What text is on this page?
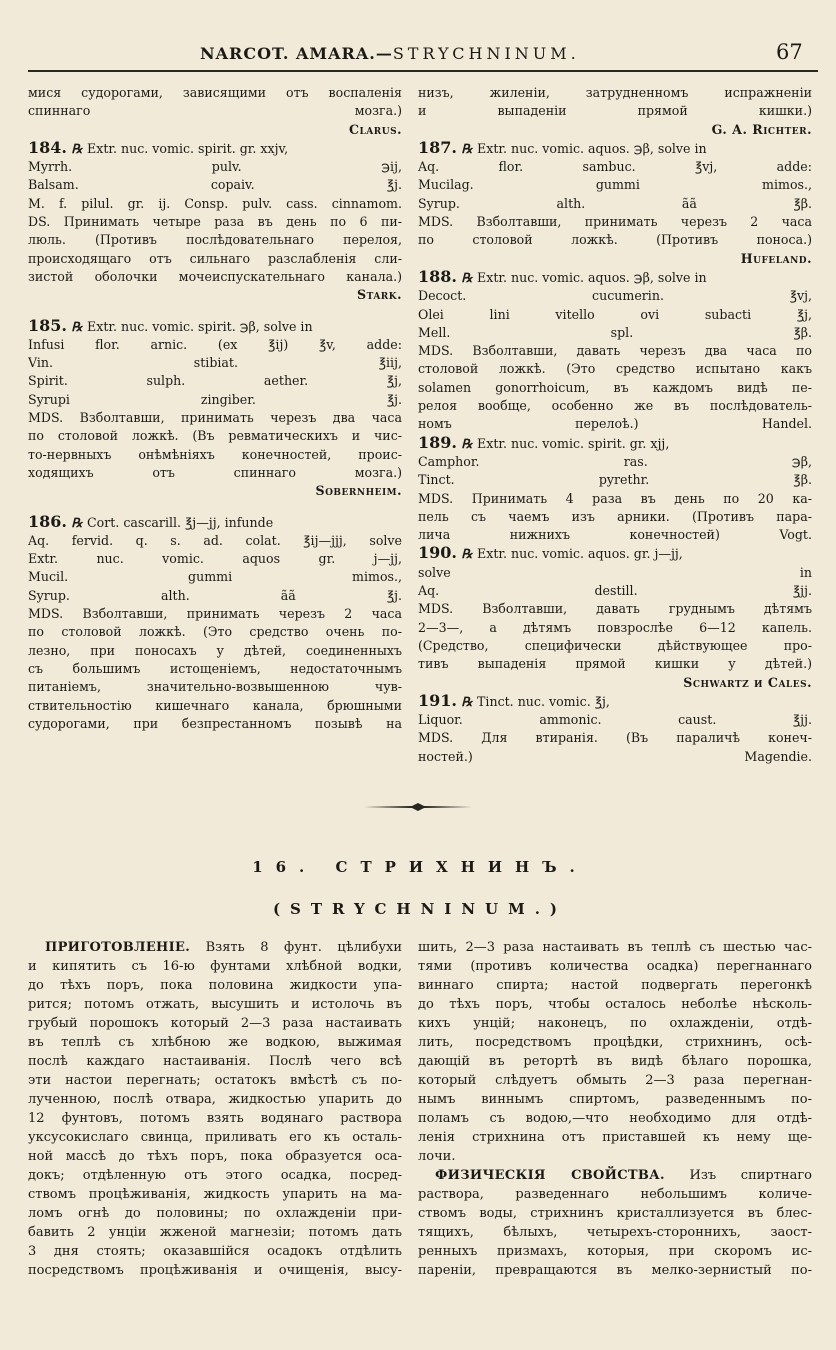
NARCOT. AMARA.—STRYCHNINUM.	67
мися судорогами, зависящими отъ воспаленія
спиннаго мозга.)
Clarus.
184. ℞ Extr. nuc. vomic. spirit. gr. xxjv,
Myrrh. pulv. ℈ij,
Balsam. copaiv. ℥j.
M. f. pilul. gr. ij. Consp. pulv. cass. cinnamom.
DS. Принимать четыре раза въ день по 6 пи-
люль. (Противъ послѣдовательнаго перелоя,
происходящаго отъ сильнаго разслабленія сли-
зистой оболочки мочеиспускательнаго канала.)
Stark.
185. ℞ Extr. nuc. vomic. spirit. ℈β, solve in
Infusi flor. arnic. (ex ℥ij) ℥v, adde:
Vin. stibiat. ℥iij,
Spirit. sulph. aether. ℥j,
Syrupi zingiber. ℥j.
MDS. Взболтавши, принимать черезъ два часа
по столовой ложкѣ. (Въ ревматическихъ и чис-
то-нервныхъ онѣмѣніяхъ конечностей, проис-
ходящихъ отъ спиннаго мозга.)
Sobernheim.
186. ℞ Cort. cascarill. ℥j—jj, infunde
Aq. fervid. q. s. ad. colat. ℥ij—jjj, solve
Extr. nuc. vomic. aquos gr. j—jj,
Mucil. gummi mimos.,
Syrup. alth. ãã ℥j.
MDS. Взболтавши, принимать черезъ 2 часа
по столовой ложкѣ. (Это средство очень по-
лезно, при поносахъ у дѣтей, соединенныхъ
съ большимъ истощеніемъ, недостаточнымъ
питаніемъ, значительно-возвышенною чув-
ствительностію кишечнаго канала, брюшными
судорогами, при безпрестанномъ позывѣ на
низъ, жиленіи, затрудненномъ испражненіи
и выпаденіи прямой кишки.)
G. A. Richter.
187. ℞ Extr. nuc. vomic. aquos. ℈β, solve in
Aq. flor. sambuc. ℥vj, adde:
Mucilag. gummi mimos.,
Syrup. alth. ãã ℥β.
MDS. Взболтавши, принимать черезъ 2 часа
по столовой ложкѣ. (Противъ поноса.)
Hufeland.
188. ℞ Extr. nuc. vomic. aquos. ℈β, solve in
Decoct. cucumerin. ℥vj,
Olei lini vitello ovi subacti ℥j,
Mell. spl. ℥β.
MDS. Взболтавши, давать черезъ два часа по
столовой ложкѣ. (Это средство испытано какъ
solamen gonorrhoicum, въ каждомъ видѣ пе-
релоя вообще, особенно же въ послѣдователь-
номъ перелоѣ.) Handel.
189. ℞ Extr. nuc. vomic. spirit. gr. xjj,
Camphor. ras. ℈β,
Tinct. pyrethr. ℥β.
MDS. Принимать 4 раза въ день по 20 ка-
пель съ чаемъ изъ арники. (Противъ пара-
лича нижнихъ конечностей) Vogt.
190. ℞ Extr. nuc. vomic. aquos. gr. j—jj,
solve in
Aq. destill. ℥jj.
MDS. Взболтавши, давать груднымъ дѣтямъ
2—3—, а дѣтямъ повзрослѣе 6—12 капель.
(Средство, специфически дѣйствующее про-
тивъ выпаденія прямой кишки у дѣтей.)
Schwartz и Cales.
191. ℞ Tinct. nuc. vomic. ℥j,
Liquor. ammonic. caust. ℥jj.
MDS. Для втиранія. (Въ параличѣ конеч-
ностей.) Magendie.
16. СТРИХНИНЪ.
(STRYCHNINUM.)
ПРИГОТОВЛЕНІЕ. Взять 8 фунт. цѣлибухи
и кипятить съ 16-ю фунтами хлѣбной водки,
до тѣхъ поръ, пока половина жидкости упа-
рится; потомъ отжать, высушить и истолочь въ
грубый порошокъ который 2—3 раза настаивать
въ теплѣ съ хлѣбною же водкою, выжимая
послѣ каждаго настаиванія. Послѣ чего всѣ
эти настои перегнать; остатокъ вмѣстѣ съ по-
лученною, послѣ отвара, жидкостью упарить до
12 фунтовъ, потомъ взять водянаго раствора
уксусокислаго свинца, приливать его къ осталь-
ной массѣ до тѣхъ поръ, пока образуется оса-
докъ; отдѣленную отъ этого осадка, посред-
ствомъ процѣживанія, жидкость упарить на ма-
ломъ огнѣ до половины; по охлажденіи при-
бавить 2 унціи жженой магнезіи; потомъ дать
3 дня стоять; оказавшійся осадокъ отдѣлить
посредствомъ процѣживанія и очищенія, высу-
шить, 2—3 раза настаивать въ теплѣ съ шестью час-
тями (противъ количества осадка) перегнаннаго
виннаго спирта; настой подвергать перегонкѣ
до тѣхъ поръ, чтобы осталось неболѣе нѣсколь-
кихъ унцій; наконецъ, по охлажденіи, отдѣ-
лить, посредствомъ процѣдки, стрихнинъ, осѣ-
дающій въ ретортѣ въ видѣ бѣлаго порошка,
который слѣдуетъ обмыть 2—3 раза перегнан-
нымъ виннымъ спиртомъ, разведеннымъ по-
поламъ съ водою,—что необходимо для отдѣ-
ленія стрихнина отъ приставшей къ нему ще-
лочи.
ФИЗИЧЕСКІЯ СВОЙСТВА. Изъ спиртнаго
раствора, разведеннаго небольшимъ количе-
ствомъ воды, стрихнинъ кристаллизуется въ блес-
тящихъ, бѣлыхъ, четырехъ-стороннихъ, заост-
ренныхъ призмахъ, которыя, при скоромъ ис-
пареніи, превращаются въ мелко-зернистый по-
